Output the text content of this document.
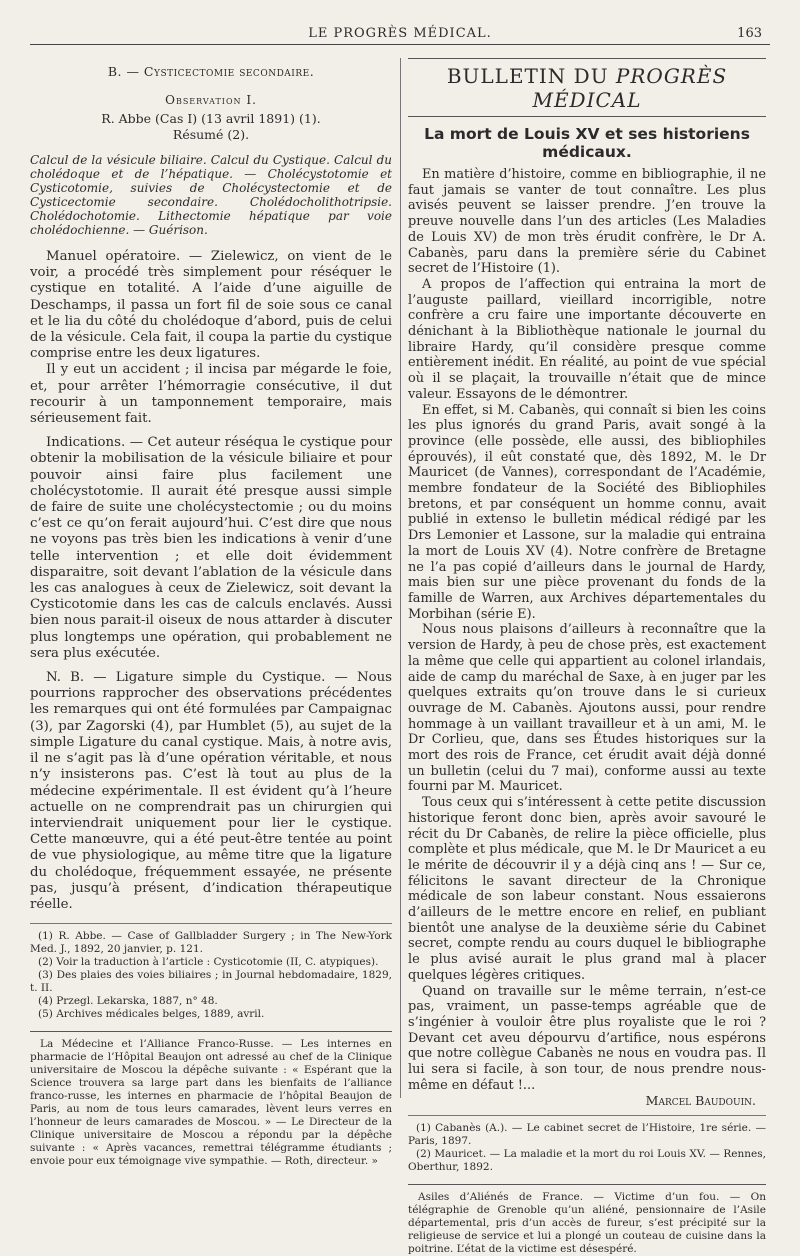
LE PROGRÈS MÉDICAL.	163
B. — Cysticectomie secondaire.
Observation I.
R. Abbe (Cas I) (13 avril 1891) (1).
Résumé (2).

Calcul de la vésicule biliaire. Calcul du Cystique. Calcul du cholédoque et de l’hépatique. — Cholécystotomie et Cysticotomie, suivies de Cholécystectomie et de Cysticectomie secondaire. Cholédocholithotripsie. Cholédochotomie. Lithectomie hépatique par voie cholédochienne. — Guérison.

Manuel opératoire. — Zielewicz, on vient de le voir, a procédé très simplement pour réséquer le cystique en totalité. A l’aide d’une aiguille de Deschamps, il passa un fort fil de soie sous ce canal et le lia du côté du cholédoque d’abord, puis de celui de la vésicule. Cela fait, il coupa la partie du cystique comprise entre les deux ligatures.

Il y eut un accident ; il incisa par mégarde le foie, et, pour arrêter l’hémorragie consécutive, il dut recourir à un tamponnement temporaire, mais sérieusement fait.

Indications. — Cet auteur réséqua le cystique pour obtenir la mobilisation de la vésicule biliaire et pour pouvoir ainsi faire plus facilement une cholécystotomie. Il aurait été presque aussi simple de faire de suite une cholécystectomie ; ou du moins c’est ce qu’on ferait aujourd’hui. C’est dire que nous ne voyons pas très bien les indications à venir d’une telle intervention ; et elle doit évidemment disparaitre, soit devant l’ablation de la vésicule dans les cas analogues à ceux de Zielewicz, soit devant la Cysticotomie dans les cas de calculs enclavés. Aussi bien nous parait-il oiseux de nous attarder à discuter plus longtemps une opération, qui probablement ne sera plus exécutée.

N. B. — Ligature simple du Cystique. — Nous pourrions rapprocher des observations précédentes les remarques qui ont été formulées par Campaignac (3), par Zagorski (4), par Humblet (5), au sujet de la simple Ligature du canal cystique. Mais, à notre avis, il ne s’agit pas là d’une opération véritable, et nous n’y insisterons pas. C’est là tout au plus de la médecine expérimentale. Il est évident qu’à l’heure actuelle on ne comprendrait pas un chirurgien qui interviendrait uniquement pour lier le cystique. Cette manœuvre, qui a été peut-être tentée au point de vue physiologique, au même titre que la ligature du cholédoque, fréquemment essayée, ne présente pas, jusqu’à présent, d’indication thérapeutique réelle.

(1) R. Abbe. — Case of Gallbladder Surgery ; in The New-York Med. J., 1892, 20 janvier, p. 121.

(2) Voir la traduction à l’article : Cysticotomie (II, C. atypiques).

(3) Des plaies des voies biliaires ; in Journal hebdomadaire, 1829, t. II.

(4) Przegl. Lekarska, 1887, n° 48.

(5) Archives médicales belges, 1889, avril.

La Médecine et l’Alliance Franco-Russe. — Les internes en pharmacie de l’Hôpital Beaujon ont adressé au chef de la Clinique universitaire de Moscou la dépêche suivante : « Espérant que la Science trouvera sa large part dans les bienfaits de l’alliance franco-russe, les internes en pharmacie de l’hôpital Beaujon de Paris, au nom de tous leurs camarades, lèvent leurs verres en l’honneur de leurs camarades de Moscou. » — Le Directeur de la Clinique universitaire de Moscou a répondu par la dépêche suivante : « Après vacances, remettrai télégramme étudiants ; envoie pour eux témoignage vive sympathie. — Roth, directeur. »

BULLETIN DU PROGRÈS MÉDICAL
La mort de Louis XV et ses historiens médicaux.

En matière d’histoire, comme en bibliographie, il ne faut jamais se vanter de tout connaître. Les plus avisés peuvent se laisser prendre. J’en trouve la preuve nouvelle dans l’un des articles (Les Maladies de Louis XV) de mon très érudit confrère, le Dr A. Cabanès, paru dans la première série du Cabinet secret de l’Histoire (1).

A propos de l’affection qui entraina la mort de l’auguste paillard, vieillard incorrigible, notre confrère a cru faire une importante découverte en dénichant à la Bibliothèque nationale le journal du libraire Hardy, qu’il considère presque comme entièrement inédit. En réalité, au point de vue spécial où il se plaçait, la trouvaille n’était que de mince valeur. Essayons de le démontrer.

En effet, si M. Cabanès, qui connaît si bien les coins les plus ignorés du grand Paris, avait songé à la province (elle possède, elle aussi, des bibliophiles éprouvés), il eût constaté que, dès 1892, M. le Dr Mauricet (de Vannes), correspondant de l’Académie, membre fondateur de la Société des Bibliophiles bretons, et par conséquent un homme connu, avait publié in extenso le bulletin médical rédigé par les Drs Lemonier et Lassone, sur la maladie qui entraina la mort de Louis XV (4). Notre confrère de Bretagne ne l’a pas copié d’ailleurs dans le journal de Hardy, mais bien sur une pièce provenant du fonds de la famille de Warren, aux Archives départementales du Morbihan (série E).

Nous nous plaisons d’ailleurs à reconnaître que la version de Hardy, à peu de chose près, est exactement la même que celle qui appartient au colonel irlandais, aide de camp du maréchal de Saxe, à en juger par les quelques extraits qu’on trouve dans le si curieux ouvrage de M. Cabanès. Ajoutons aussi, pour rendre hommage à un vaillant travailleur et à un ami, M. le Dr Corlieu, que, dans ses Études historiques sur la mort des rois de France, cet érudit avait déjà donné un bulletin (celui du 7 mai), conforme aussi au texte fourni par M. Mauricet.

Tous ceux qui s’intéressent à cette petite discussion historique feront donc bien, après avoir savouré le récit du Dr Cabanès, de relire la pièce officielle, plus complète et plus médicale, que M. le Dr Mauricet a eu le mérite de découvrir il y a déjà cinq ans ! — Sur ce, félicitons le savant directeur de la Chronique médicale de son labeur constant. Nous essaierons d’ailleurs de le mettre encore en relief, en publiant bientôt une analyse de la deuxième série du Cabinet secret, compte rendu au cours duquel le bibliographe le plus avisé aurait le plus grand mal à placer quelques légères critiques.

Quand on travaille sur le même terrain, n’est-ce pas, vraiment, un passe-temps agréable que de s’ingénier à vouloir être plus royaliste que le roi ? Devant cet aveu dépourvu d’artifice, nous espérons que notre collègue Cabanès ne nous en voudra pas. Il lui sera si facile, à son tour, de nous prendre nous-même en défaut !...

Marcel Baudouin.

(1) Cabanès (A.). — Le cabinet secret de l’Histoire, 1re série. — Paris, 1897.

(2) Mauricet. — La maladie et la mort du roi Louis XV. — Rennes, Oberthur, 1892.

Asiles d’Aliénés de France. — Victime d’un fou. — On télégraphie de Grenoble qu’un aliéné, pensionnaire de l’Asile départemental, pris d’un accès de fureur, s’est précipité sur la religieuse de service et lui a plongé un couteau de cuisine dans la poitrine. L’état de la victime est désespéré.
